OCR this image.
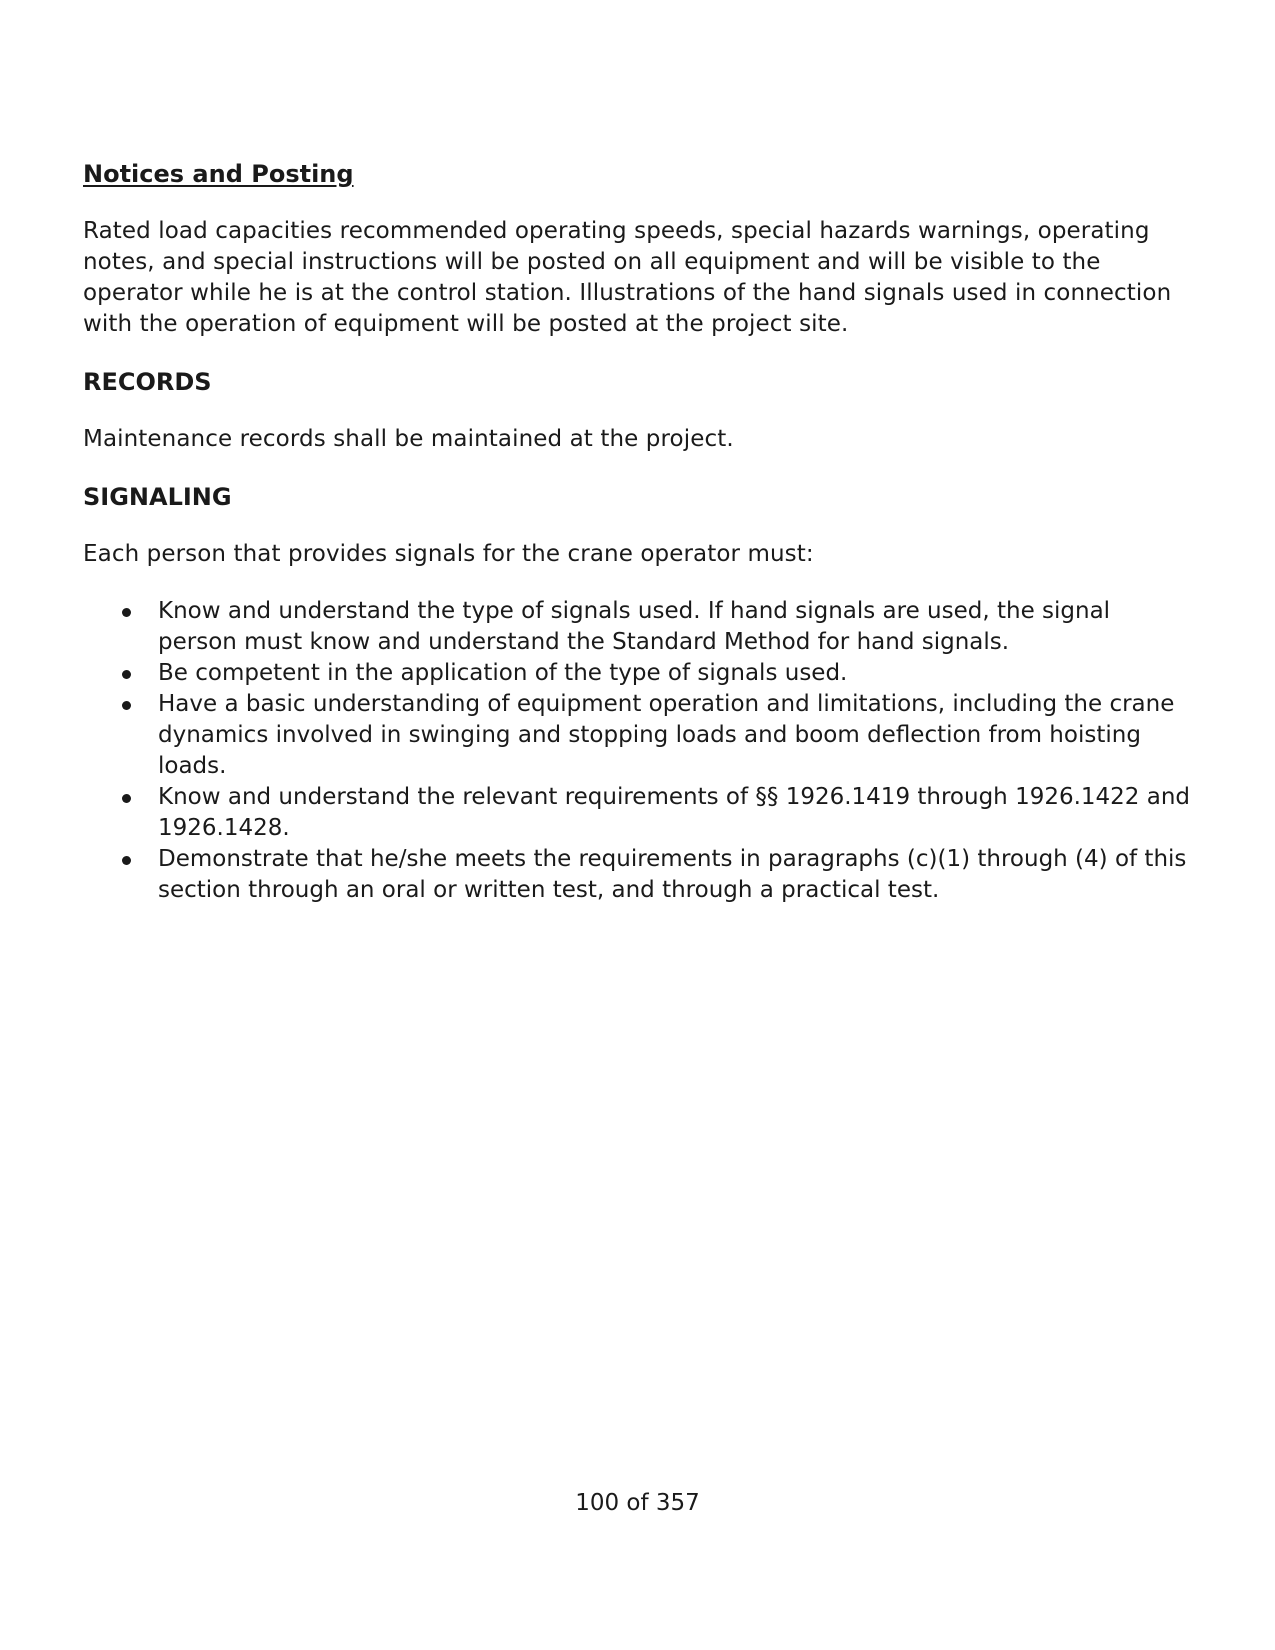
Notices and Posting

Rated load capacities recommended operating speeds, special hazards warnings, operating notes, and special instructions will be posted on all equipment and will be visible to the operator while he is at the control station. Illustrations of the hand signals used in connection with the operation of equipment will be posted at the project site.

RECORDS

Maintenance records shall be maintained at the project.

SIGNALING

Each person that provides signals for the crane operator must:

Know and understand the type of signals used. If hand signals are used, the signal person must know and understand the Standard Method for hand signals.
Be competent in the application of the type of signals used.
Have a basic understanding of equipment operation and limitations, including the crane dynamics involved in swinging and stopping loads and boom deflection from hoisting loads.
Know and understand the relevant requirements of §§ 1926.1419 through 1926.1422 and 1926.1428.
Demonstrate that he/she meets the requirements in paragraphs (c)(1) through (4) of this section through an oral or written test, and through a practical test.
100 of 357
